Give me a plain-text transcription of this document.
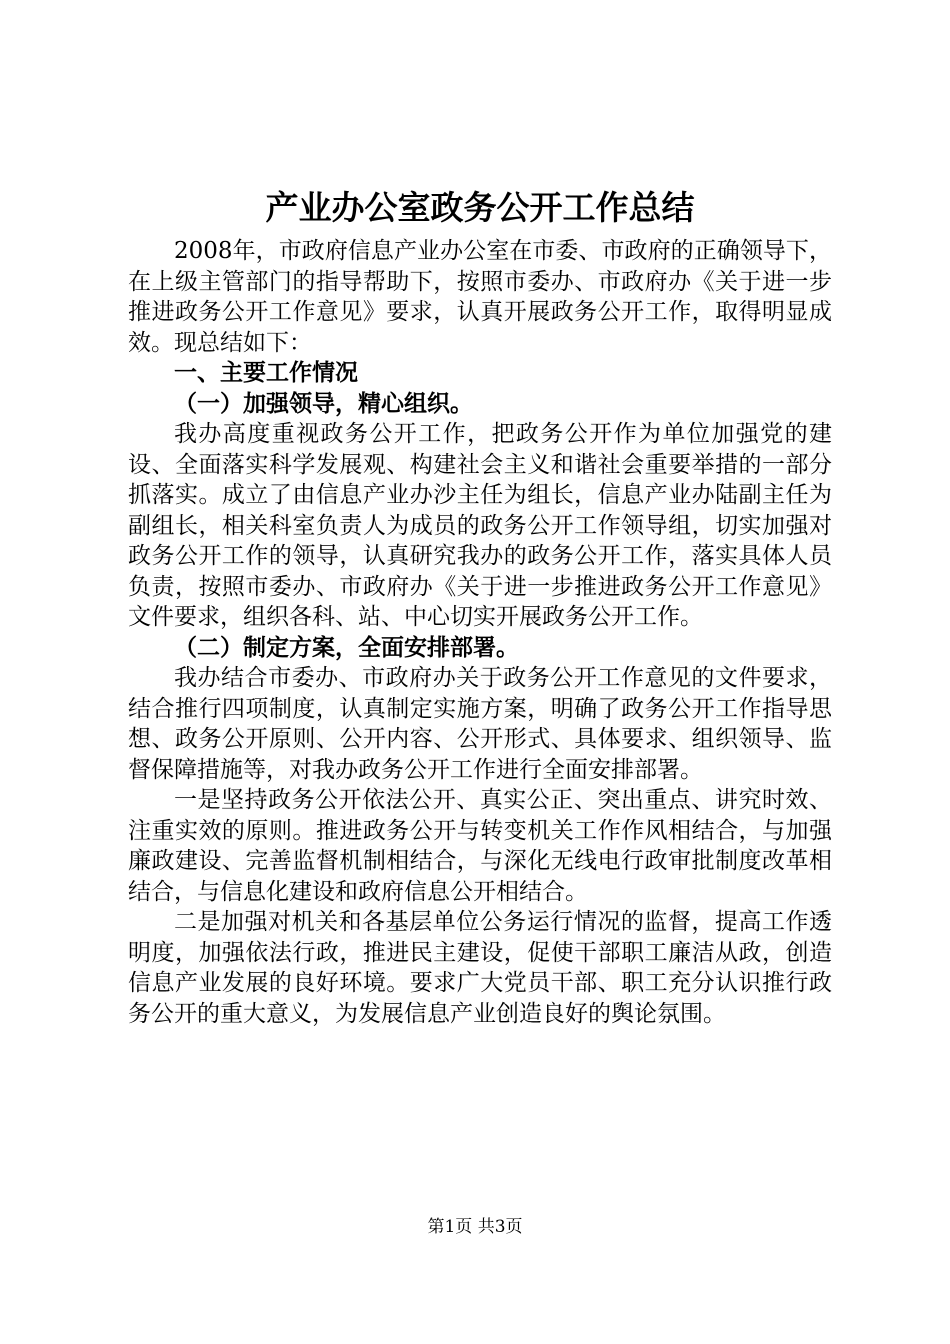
产业办公室政务公开工作总结

2008年，市政府信息产业办公室在市委、市政府的正确领导下，在上级主管部门的指导帮助下，按照市委办、市政府办《关于进一步推进政务公开工作意见》要求，认真开展政务公开工作，取得明显成效。现总结如下：

一、主要工作情况

（一）加强领导，精心组织。

我办高度重视政务公开工作，把政务公开作为单位加强党的建设、全面落实科学发展观、构建社会主义和谐社会重要举措的一部分抓落实。成立了由信息产业办沙主任为组长，信息产业办陆副主任为副组长，相关科室负责人为成员的政务公开工作领导组，切实加强对政务公开工作的领导，认真研究我办的政务公开工作，落实具体人员负责，按照市委办、市政府办《关于进一步推进政务公开工作意见》文件要求，组织各科、站、中心切实开展政务公开工作。

（二）制定方案，全面安排部署。

我办结合市委办、市政府办关于政务公开工作意见的文件要求，结合推行四项制度，认真制定实施方案，明确了政务公开工作指导思想、政务公开原则、公开内容、公开形式、具体要求、组织领导、监督保障措施等，对我办政务公开工作进行全面安排部署。

一是坚持政务公开依法公开、真实公正、突出重点、讲究时效、注重实效的原则。推进政务公开与转变机关工作作风相结合，与加强廉政建设、完善监督机制相结合，与深化无线电行政审批制度改革相结合，与信息化建设和政府信息公开相结合。

二是加强对机关和各基层单位公务运行情况的监督，提高工作透明度，加强依法行政，推进民主建设，促使干部职工廉洁从政，创造信息产业发展的良好环境。要求广大党员干部、职工充分认识推行政务公开的重大意义，为发展信息产业创造良好的舆论氛围。

第1页 共3页
